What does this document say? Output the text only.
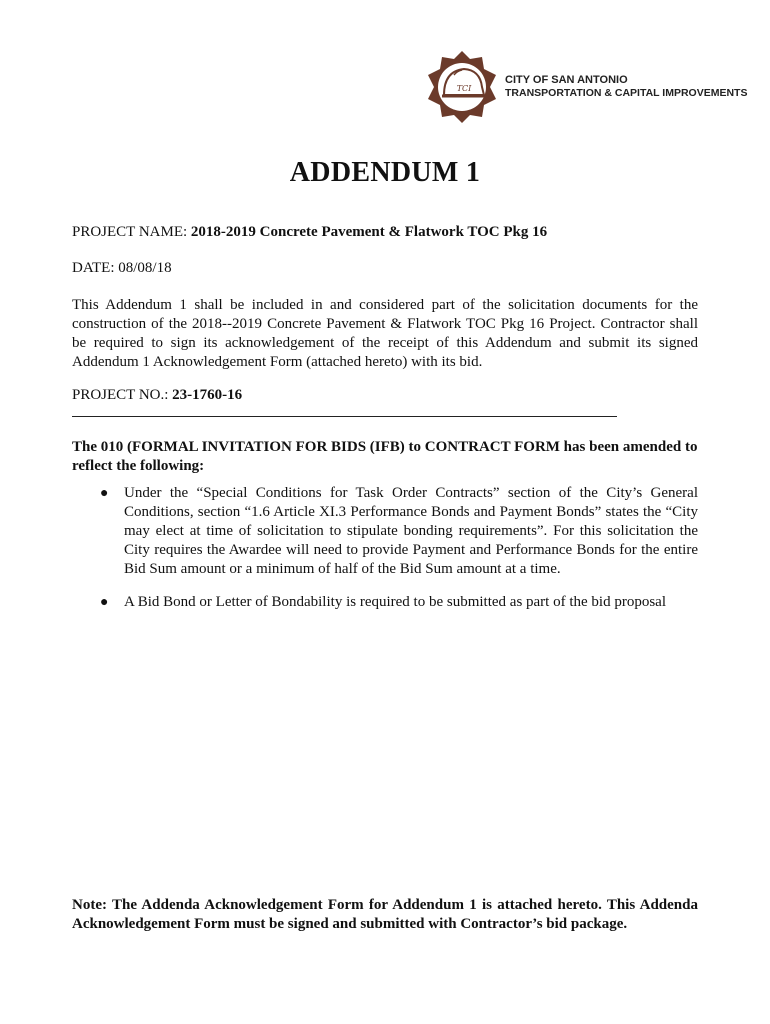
TCI
CITY OF SAN ANTONIO
TRANSPORTATION & CAPITAL IMPROVEMENTS
ADDENDUM 1
PROJECT NAME: 2018-2019 Concrete Pavement & Flatwork TOC Pkg 16
DATE: 08/08/18
This Addendum 1 shall be included in and considered part of the solicitation documents for the construction of the 2018--2019 Concrete Pavement & Flatwork TOC Pkg 16 Project. Contractor shall be required to sign its acknowledgement of the receipt of this Addendum and submit its signed Addendum 1 Acknowledgement Form (attached hereto) with its bid.
PROJECT NO.: 23-1760-16
The 010 (FORMAL INVITATION FOR BIDS (IFB) to CONTRACT FORM has been amended to reflect the following:
● Under the “Special Conditions for Task Order Contracts” section of the City’s General Conditions, section “1.6 Article XI.3 Performance Bonds and Payment Bonds” states the “City may elect at time of solicitation to stipulate bonding requirements”. For this solicitation the City requires the Awardee will need to provide Payment and Performance Bonds for the entire Bid Sum amount or a minimum of half of the Bid Sum amount at a time.
● A Bid Bond or Letter of Bondability is required to be submitted as part of the bid proposal
Note: The Addenda Acknowledgement Form for Addendum 1 is attached hereto. This Addenda Acknowledgement Form must be signed and submitted with Contractor’s bid package.
